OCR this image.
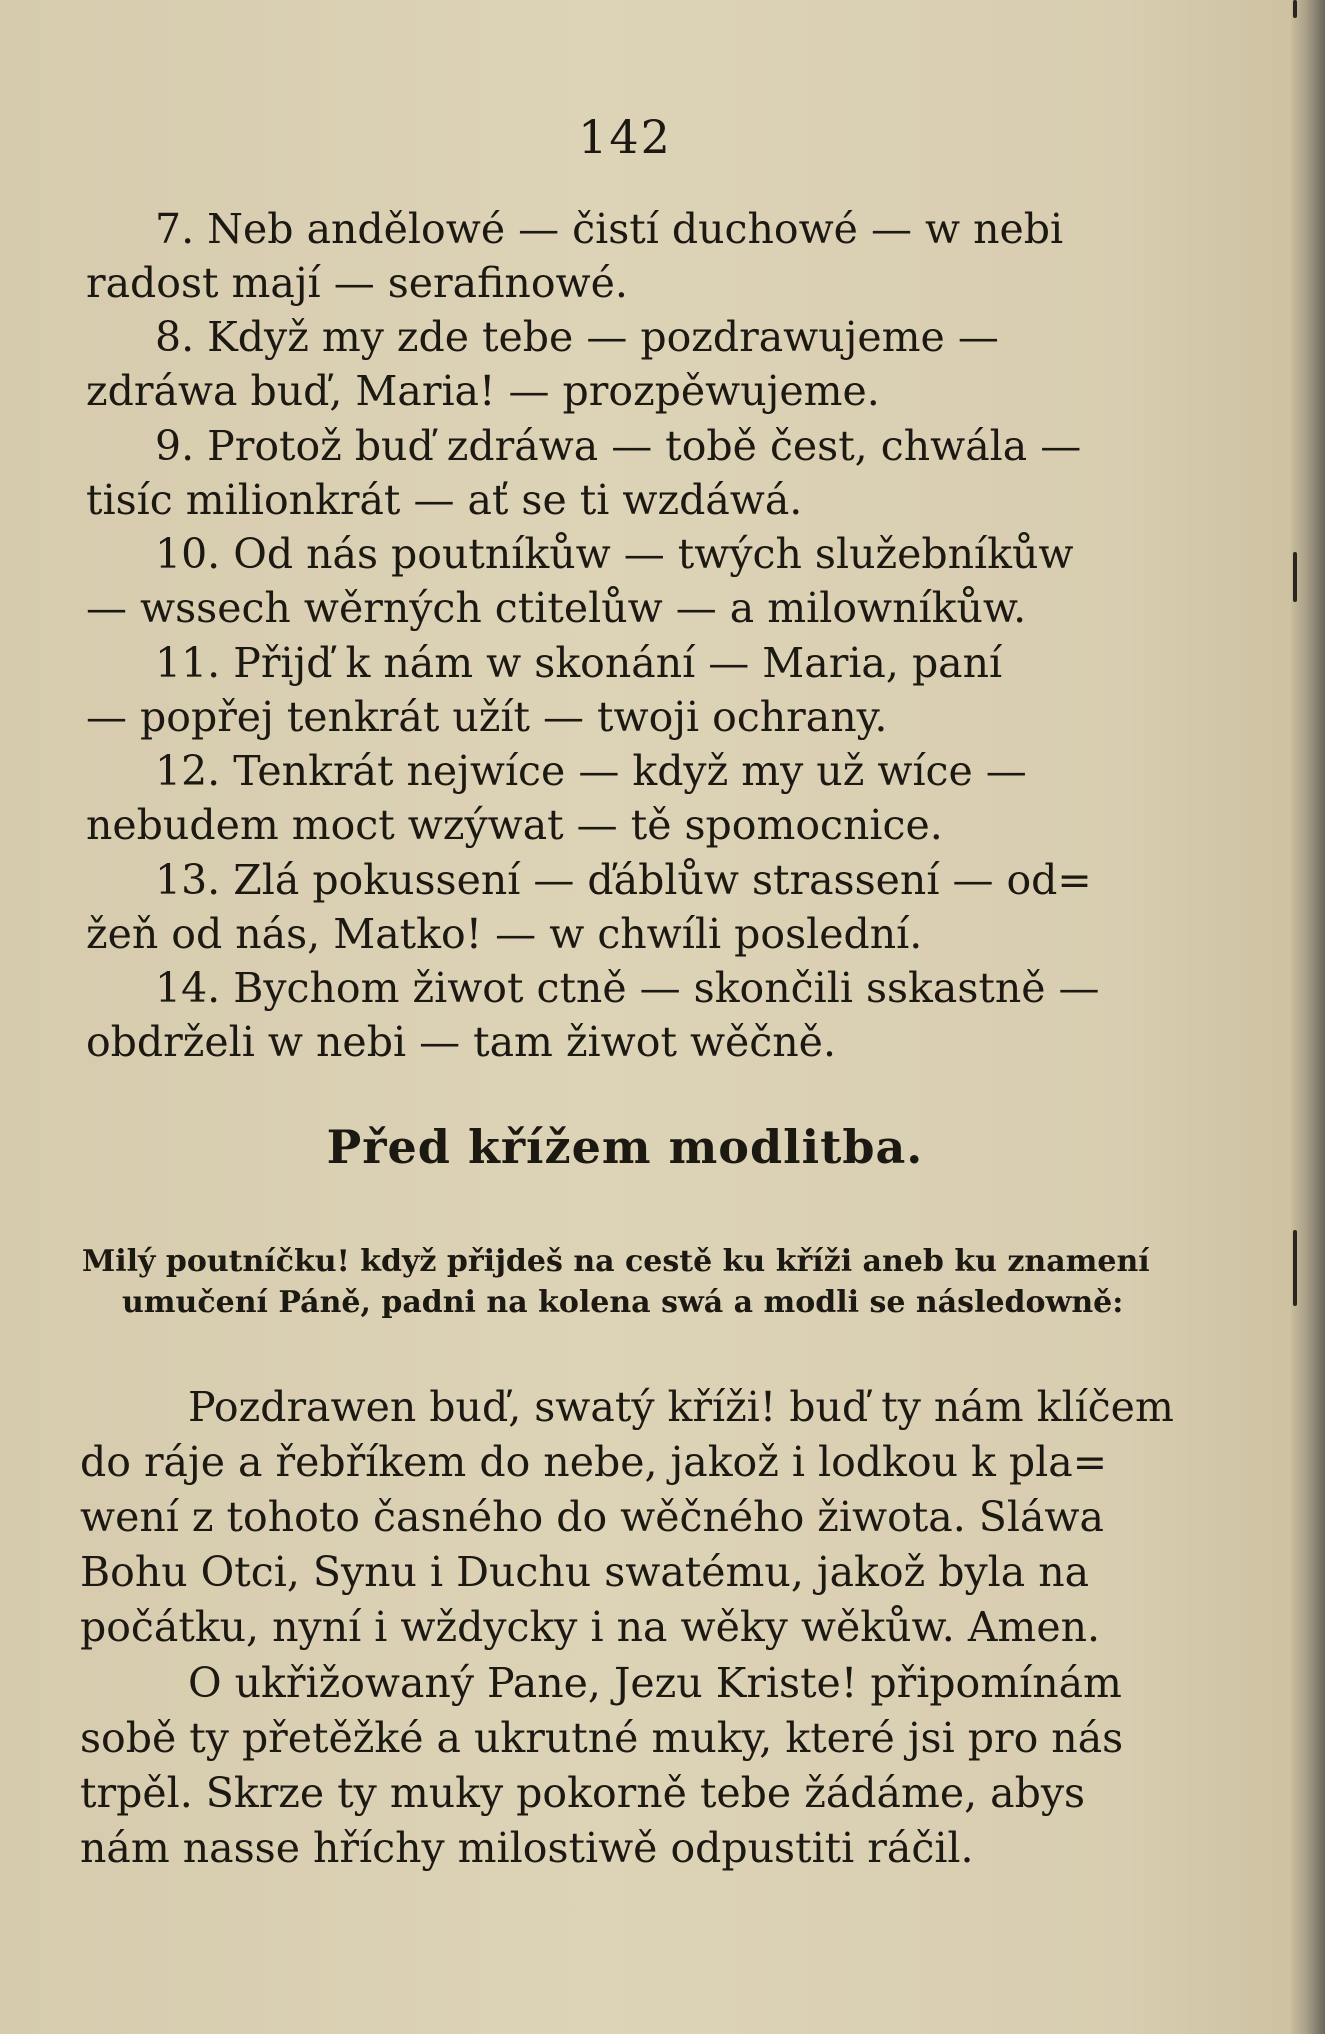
142
7. Neb andělowé — čistí duchowé — w nebi
radost mají — serafinowé.
8. Když my zde tebe — pozdrawujeme —
zdráwa buď, Maria! — prozpěwujeme.
9. Protož buď zdráwa — tobě čest, chwála —
tisíc milionkrát — ať se ti wzdáwá.
10. Od nás poutníkůw — twých služebníkůw
— wssech wěrných ctitelůw — a milowníkůw.
11. Přijď k nám w skonání — Maria, paní
— popřej tenkrát užít — twoji ochrany.
12. Tenkrát nejwíce — když my už wíce —
nebudem moct wzýwat — tě spomocnice.
13. Zlá pokussení — ďáblůw strassení — od=
žeň od nás, Matko! — w chwíli poslední.
14. Bychom žiwot ctně — skončili sskastně —
obdrželi w nebi — tam žiwot wěčně.
Před křížem modlitba.
Milý poutníčku! když přijdeš na cestě ku kříži aneb ku znamení
umučení Páně, padni na kolena swá a modli se následowně:
Pozdrawen buď, swatý kříži! buď ty nám klíčem
do ráje a řebříkem do nebe, jakož i lodkou k pla=
wení z tohoto časného do wěčného žiwota. Sláwa
Bohu Otci, Synu i Duchu swatému, jakož byla na
počátku, nyní i wždycky i na wěky wěkůw. Amen.
O ukřižowaný Pane, Jezu Kriste! připomínám
sobě ty přetěžké a ukrutné muky, které jsi pro nás
trpěl. Skrze ty muky pokorně tebe žádáme, abys
nám nasse hříchy milostiwě odpustiti ráčil.
